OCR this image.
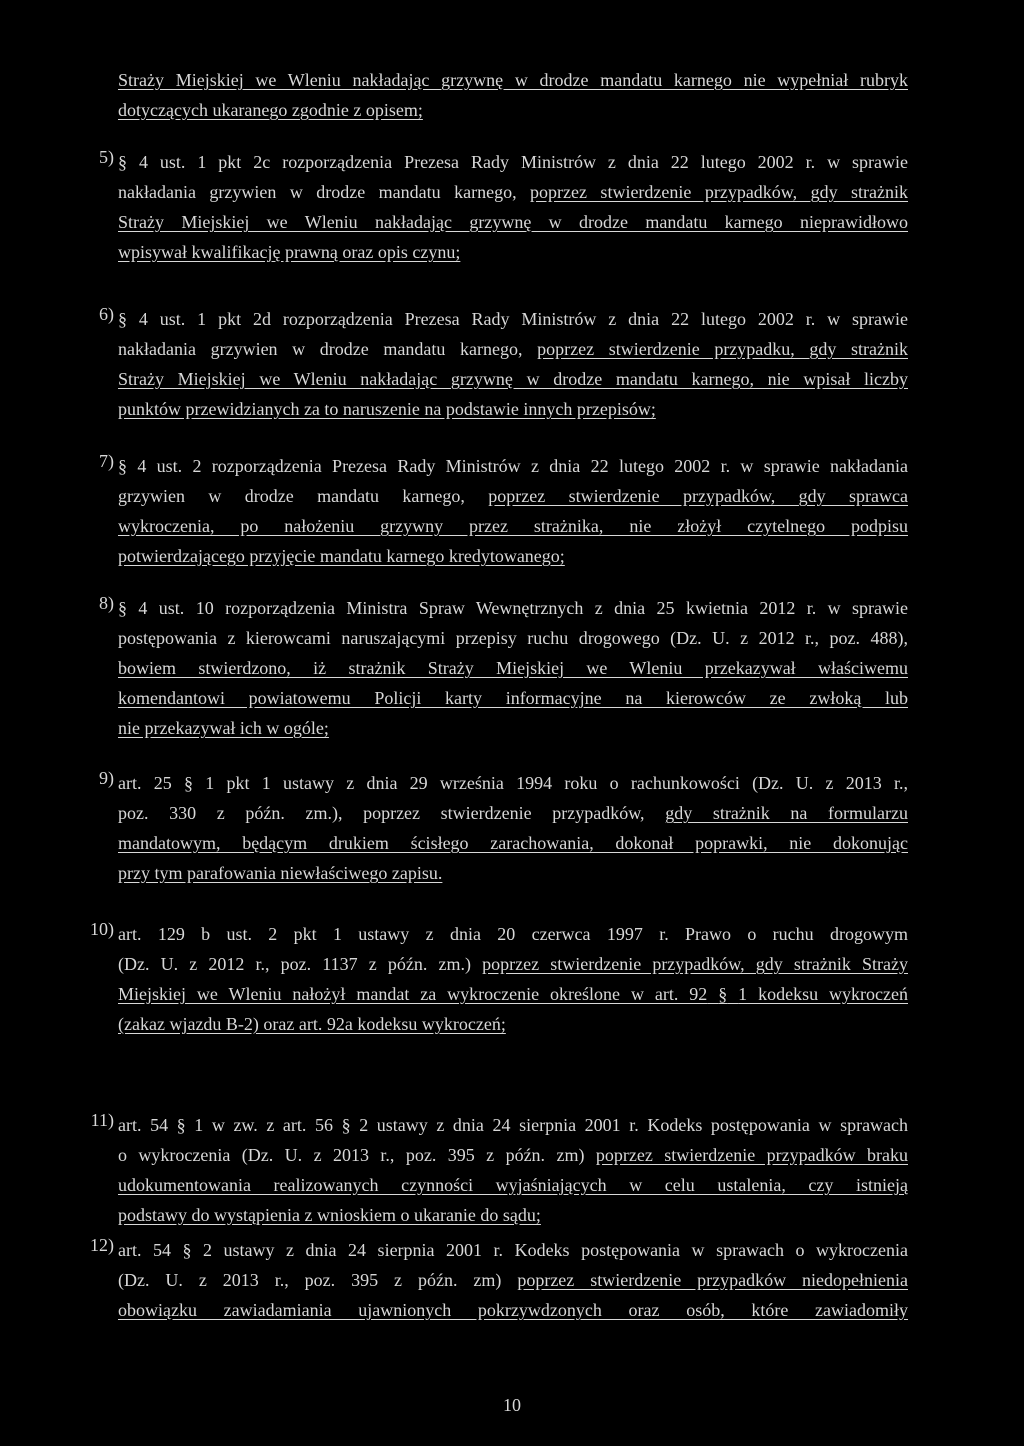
Straży Miejskiej we Wleniu nakładając grzywnę w drodze mandatu karnego nie wypełniał rubryk
dotyczących ukaranego zgodnie z opisem;
5) § 4 ust. 1 pkt 2c rozporządzenia Prezesa Rady Ministrów z dnia 22 lutego 2002 r. w sprawie
nakładania grzywien w drodze mandatu karnego, poprzez stwierdzenie przypadków, gdy strażnik
Straży Miejskiej we Wleniu nakładając grzywnę w drodze mandatu karnego nieprawidłowo
wpisywał kwalifikację prawną oraz opis czynu;
6) § 4 ust. 1 pkt 2d rozporządzenia Prezesa Rady Ministrów z dnia 22 lutego 2002 r. w sprawie
nakładania grzywien w drodze mandatu karnego, poprzez stwierdzenie przypadku, gdy strażnik
Straży Miejskiej we Wleniu nakładając grzywnę w drodze mandatu karnego, nie wpisał liczby
punktów przewidzianych za to naruszenie na podstawie innych przepisów;
7) § 4 ust. 2 rozporządzenia Prezesa Rady Ministrów z dnia 22 lutego 2002 r. w sprawie nakładania
grzywien w drodze mandatu karnego, poprzez stwierdzenie przypadków, gdy sprawca
wykroczenia, po nałożeniu grzywny przez strażnika, nie złożył czytelnego podpisu
potwierdzającego przyjęcie mandatu karnego kredytowanego;
8) § 4 ust. 10 rozporządzenia Ministra Spraw Wewnętrznych z dnia 25 kwietnia 2012 r. w sprawie
postępowania z kierowcami naruszającymi przepisy ruchu drogowego (Dz. U. z 2012 r., poz. 488),
bowiem stwierdzono, iż strażnik Straży Miejskiej we Wleniu przekazywał właściwemu
komendantowi powiatowemu Policji karty informacyjne na kierowców ze zwłoką lub
nie przekazywał ich w ogóle;
9) art. 25 § 1 pkt 1 ustawy z dnia 29 września 1994 roku o rachunkowości (Dz. U. z 2013 r.,
poz. 330 z późn. zm.), poprzez stwierdzenie przypadków, gdy strażnik na formularzu
mandatowym, będącym drukiem ścisłego zarachowania, dokonał poprawki, nie dokonując
przy tym parafowania niewłaściwego zapisu.
10) art. 129 b ust. 2 pkt 1 ustawy z dnia 20 czerwca 1997 r. Prawo o ruchu drogowym
(Dz. U. z 2012 r., poz. 1137 z późn. zm.) poprzez stwierdzenie przypadków, gdy strażnik Straży
Miejskiej we Wleniu nałożył mandat za wykroczenie określone w art. 92 § 1 kodeksu wykroczeń
(zakaz wjazdu B-2) oraz art. 92a kodeksu wykroczeń;
11) art. 54 § 1 w zw. z art. 56 § 2 ustawy z dnia 24 sierpnia 2001 r. Kodeks postępowania w sprawach
o wykroczenia (Dz. U. z 2013 r., poz. 395 z późn. zm) poprzez stwierdzenie przypadków braku
udokumentowania realizowanych czynności wyjaśniających w celu ustalenia, czy istnieją
podstawy do wystąpienia z wnioskiem o ukaranie do sądu;
12) art. 54 § 2 ustawy z dnia 24 sierpnia 2001 r. Kodeks postępowania w sprawach o wykroczenia
(Dz. U. z 2013 r., poz. 395 z późn. zm) poprzez stwierdzenie przypadków niedopełnienia
obowiązku zawiadamiania ujawnionych pokrzywdzonych oraz osób, które zawiadomiły
10
